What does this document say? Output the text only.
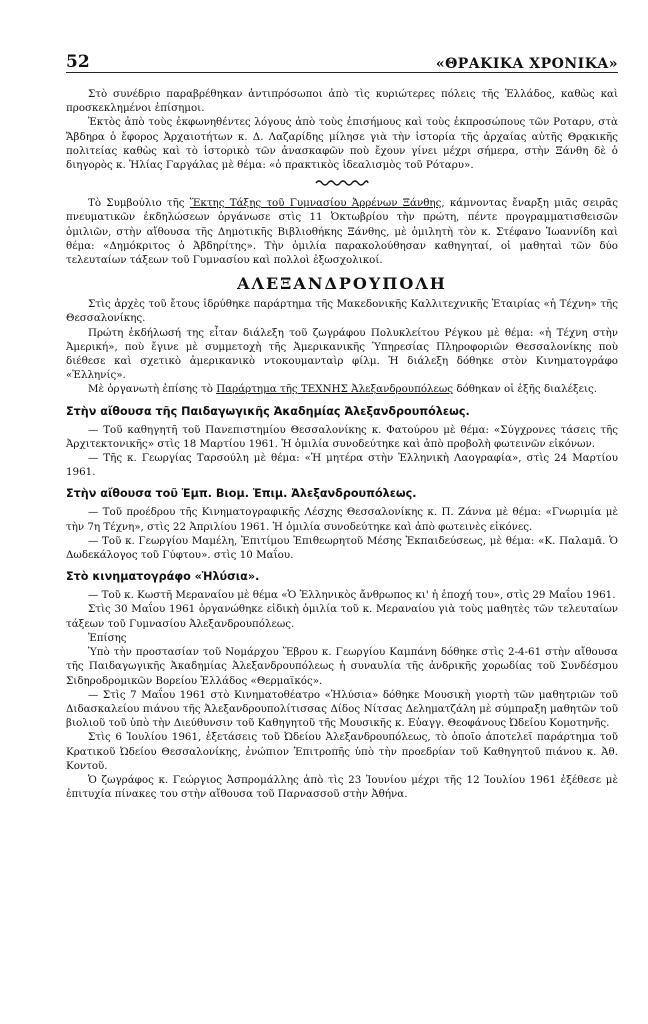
52	«ΘΡΑΚΙΚΑ ΧΡΟΝΙΚΑ»

Στὸ συνέδριο παραβρέθηκαν ἀντιπρόσωποι ἀπὸ τὶς κυριώτερες πόλεις τῆς Ἑλλάδος, καθὼς καὶ προσκεκλημένοι ἐπίσημοι.

Ἐκτὸς ἀπὸ τοὺς ἐκφωνηθέντες λόγους ἀπὸ τοὺς ἐπισήμους καὶ τοὺς ἐκπροσώπους τῶν Ροταρυ, στὰ Ἄβδηρα ὁ ἔφορος Ἀρχαιοτήτων κ. Δ. Λαζαρίδης μίλησε γιὰ τὴν ἱστορία τῆς ἀρχαίας αὐτῆς Θρᾳκικῆς πολιτείας καθὼς καὶ τὸ ἱστορικὸ τῶν ἀνασκαφῶν ποὺ ἔχουν γίνει μέχρι σήμερα, στὴν Ξάνθη δὲ ὁ διηγορὸς κ. Ἠλίας Γαργάλας μὲ θέμα: «ὁ πρακτικὸς ἰδεαλισμὸς τοῦ Ρόταρυ».

Τὸ Συμβούλιο τῆς Ἕκτης Τάξης τοῦ Γυμνασίου Ἀρρένων Ξάνθης, κάμνοντας ἔναρξη μιᾶς σειρᾶς πνευματικῶν ἐκδηλώσεων ὀργάνωσε στὶς 11 Ὀκτωβρίου τὴν πρώτη, πέντε προγραμματισθεισῶν ὁμιλιῶν, στὴν αἴθουσα τῆς Δημοτικῆς Βιβλιοθήκης Ξάνθης, μὲ ὁμιλητὴ τὸν κ. Στέφανο Ἰωαννίδη καὶ θέμα: «Δημόκριτος ὁ Ἀβδηρίτης». Τὴν ὁμιλία παρακολούθησαν καθηγηταί, οἱ μαθηταὶ τῶν δύο τελευταίων τάξεων τοῦ Γυμνασίου καὶ πολλοὶ ἐξωσχολικοί.

ΑΛΕΞΑΝΔΡΟΥΠΟΛΗ

Στὶς ἀρχὲς τοῦ ἔτους ἱδρύθηκε παράρτημα τῆς Μακεδονικῆς Καλλιτεχνικῆς Ἑταιρίας «ἡ Τέχνη» τῆς Θεσσαλονίκης.

Πρώτη ἐκδήλωσή της εἶταν διάλεξη τοῦ ζωγράφου Πολυκλείτου Ρέγκου μὲ θέμα: «ἡ Τέχνη στὴν Ἀμερική», ποὺ ἔγινε μὲ συμμετοχὴ τῆς Ἀμερικανικῆς Ὑπηρεσίας Πληροφοριῶν Θεσσαλονίκης ποὺ διέθεσε καὶ σχετικὸ ἀμερικανικὸ ντοκουμανταὶρ φίλμ. Ἡ διάλεξη δόθηκε στὸν Κινηματογράφο «Ἑλληνίς».

Μὲ ὀργανωτὴ ἐπίσης τὸ Παράρτημα τῆς ΤΕΧΝΗΣ Ἀλεξανδρουπόλεως δόθηκαν οἱ ἑξῆς διαλέξεις.

Στὴν αἴθουσα τῆς Παιδαγωγικῆς Ἀκαδημίας Ἀλεξανδρουπόλεως.

— Τοῦ καθηγητῆ τοῦ Πανεπιστημίου Θεσσαλονίκης κ. Φατούρου μὲ θέμα: «Σύγχρονες τάσεις τῆς Ἀρχιτεκτονικῆς» στὶς 18 Μαρτίου 1961. Ἡ ὁμιλία συνοδεύτηκε καὶ ἀπὸ προβολὴ φωτεινῶν εἰκόνων.

— Τῆς κ. Γεωργίας Ταρσούλη μὲ θέμα: «Ἡ μητέρα στὴν Ἑλληνικὴ Λαογραφία», στὶς 24 Μαρτίου 1961.

Στὴν αἴθουσα τοῦ Ἐμπ. Βιομ. Ἐπιμ. Ἀλεξανδρουπόλεως.

— Τοῦ προέδρου τῆς Κινηματογραφικῆς Λέσχης Θεσσαλονίκης κ. Π. Ζάννα μὲ θέμα: «Γνωριμία μὲ τὴν 7η Τέχνη», στὶς 22 Ἀπριλίου 1961. Ἡ ὁμιλία συνοδεύτηκε καὶ ἀπὸ φωτεινὲς εἰκόνες.

— Τοῦ κ. Γεωργίου Μαμέλη, Ἐπιτίμου Ἐπιθεωρητοῦ Μέσης Ἐκπαιδεύσεως, μὲ θέμα: «Κ. Παλαμᾶ. Ὁ Δωδεκάλογος τοῦ Γύφτου». στὶς 10 Μαΐου.

Στὸ κινηματογράφο «Ἠλύσια».

— Τοῦ κ. Κωστῆ Μεραναίου μὲ θέμα «Ὁ Ἑλληνικὸς ἄνθρωπος κι' ἡ ἐποχή του», στὶς 29 Μαΐου 1961.

Στὶς 30 Μαΐου 1961 ὀργανώθηκε εἰδικὴ ὁμιλία τοῦ κ. Μεραναίου γιὰ τοὺς μαθητὲς τῶν τελευταίων τάξεων τοῦ Γυμνασίου Ἀλεξανδρουπόλεως.

Ἐπίσης

Ὑπὸ τὴν προστασίαν τοῦ Νομάρχου Ἕβρου κ. Γεωργίου Καμπάνη δόθηκε στὶς 2-4-61 στὴν αἴθουσα τῆς Παιδαγωγικῆς Ἀκαδημίας Ἀλεξανδρουπόλεως ἡ συναυλία τῆς ἀνδρικῆς χορωδίας τοῦ Συνδέσμου Σιδηροδρομικῶν Βορείου Ἑλλάδος «Θερμαϊκός».

— Στὶς 7 Μαΐου 1961 στὸ Κινηματοθέατρο «Ἠλύσια» δόθηκε Μουσικὴ γιορτὴ τῶν μαθητριῶν τοῦ Διδασκαλείου πιάνου τῆς Ἀλεξανδρουπολίτισσας Δίδος Νίτσας Δεληματζάλη μὲ σύμπραξη μαθητῶν τοῦ βιολιοῦ τοῦ ὑπὸ τὴν Διεύθυνσιν τοῦ Καθηγητοῦ τῆς Μουσικῆς κ. Εὐαγγ. Θεοφάνους Ὠδείου Κομοτηνῆς.

Στὶς 6 Ἰουλίου 1961, ἐξετάσεις τοῦ Ὠδείου Ἀλεξανδρουπόλεως, τὸ ὁποῖο ἀποτελεῖ παράρτημα τοῦ Κρατικοῦ Ὠδείου Θεσσαλονίκης, ἐνώπιον Ἐπιτροπῆς ὑπὸ τὴν προεδρίαν τοῦ Καθηγητοῦ πιάνου κ. Ἀθ. Κοντοῦ.

Ὁ ζωγράφος κ. Γεώργιος Ἀσπρομάλλης ἀπὸ τὶς 23 Ἰουνίου μέχρι τῆς 12 Ἰουλίου 1961 ἐξέθεσε μὲ ἐπιτυχία πίνακες του στὴν αἴθουσα τοῦ Παρνασσοῦ στὴν Ἀθήνα.
